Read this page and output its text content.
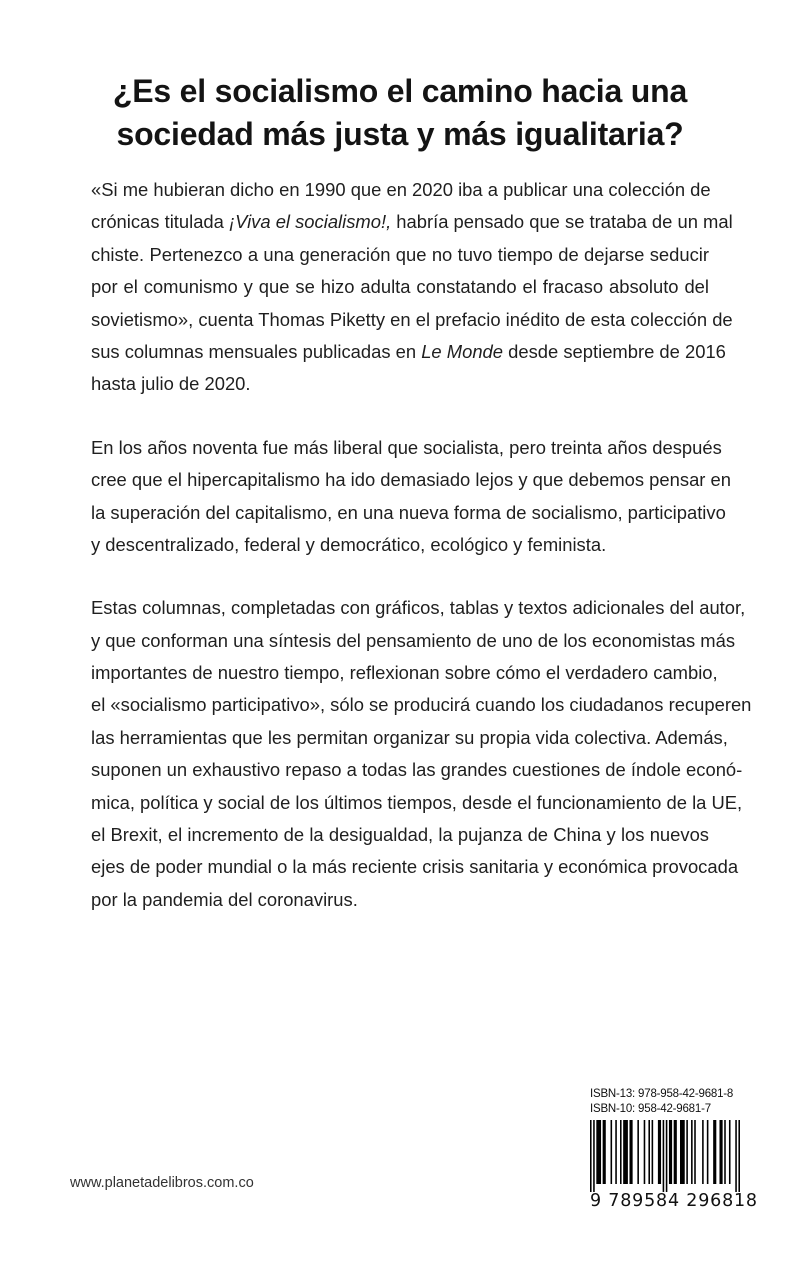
¿Es el socialismo el camino hacia una
sociedad más justa y más igualitaria?

«Si me hubieran dicho en 1990 que en 2020 iba a publicar una colección de
crónicas titulada ¡Viva el socialismo!, habría pensado que se trataba de un mal
chiste. Pertenezco a una generación que no tuvo tiempo de dejarse seducir
por el comunismo y que se hizo adulta constatando el fracaso absoluto del
sovietismo», cuenta Thomas Piketty en el prefacio inédito de esta colección de
sus columnas mensuales publicadas en Le Monde desde septiembre de 2016
hasta julio de 2020.

En los años noventa fue más liberal que socialista, pero treinta años después
cree que el hipercapitalismo ha ido demasiado lejos y que debemos pensar en
la superación del capitalismo, en una nueva forma de socialismo, participativo
y descentralizado, federal y democrático, ecológico y feminista.

Estas columnas, completadas con gráficos, tablas y textos adicionales del autor,
y que conforman una síntesis del pensamiento de uno de los economistas más
importantes de nuestro tiempo, reflexionan sobre cómo el verdadero cambio,
el «socialismo participativo», sólo se producirá cuando los ciudadanos recuperen
las herramientas que les permitan organizar su propia vida colectiva. Además,
suponen un exhaustivo repaso a todas las grandes cuestiones de índole econó-
mica, política y social de los últimos tiempos, desde el funcionamiento de la UE,
el Brexit, el incremento de la desigualdad, la pujanza de China y los nuevos
ejes de poder mundial o la más reciente crisis sanitaria y económica provocada
por la pandemia del coronavirus.

www.planetadelibros.com.co
ISBN-13: 978-958-42-9681-8
ISBN-10: 958-42-9681-7
9 789584 296818
